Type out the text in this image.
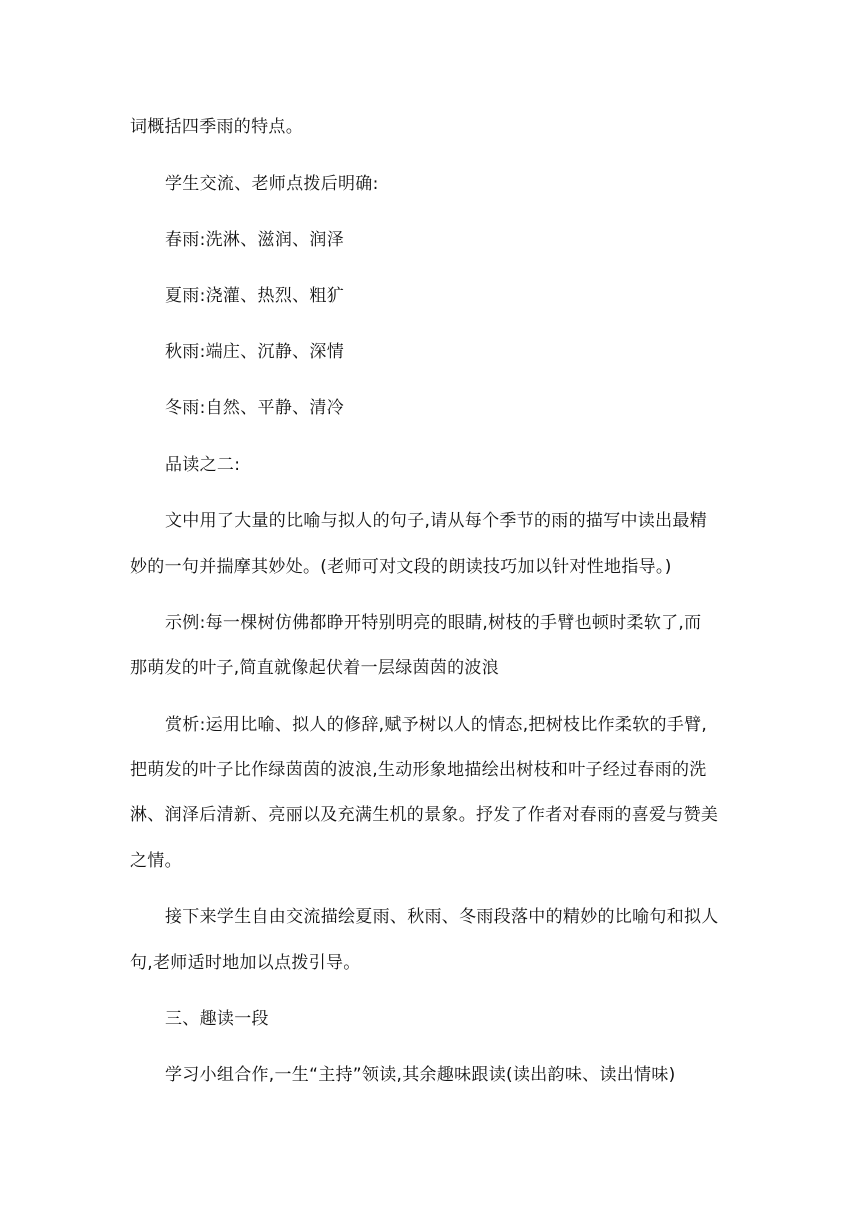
词概括四季雨的特点。
学生交流、老师点拨后明确:
春雨:洗淋、滋润、润泽
夏雨:浇灌、热烈、粗犷
秋雨:端庄、沉静、深情
冬雨:自然、平静、清冷
品读之二:
文中用了大量的比喻与拟人的句子,请从每个季节的雨的描写中读出最精
妙的一句并揣摩其妙处。(老师可对文段的朗读技巧加以针对性地指导。)
示例:每一棵树仿佛都睁开特别明亮的眼睛,树枝的手臂也顿时柔软了,而
那萌发的叶子,简直就像起伏着一层绿茵茵的波浪
赏析:运用比喻、拟人的修辞,赋予树以人的情态,把树枝比作柔软的手臂,
把萌发的叶子比作绿茵茵的波浪,生动形象地描绘出树枝和叶子经过春雨的洗
淋、润泽后清新、亮丽以及充满生机的景象。抒发了作者对春雨的喜爱与赞美
之情。
接下来学生自由交流描绘夏雨、秋雨、冬雨段落中的精妙的比喻句和拟人
句,老师适时地加以点拨引导。
三、趣读一段
学习小组合作,一生“主持”领读,其余趣味跟读(读出韵味、读出情味)
